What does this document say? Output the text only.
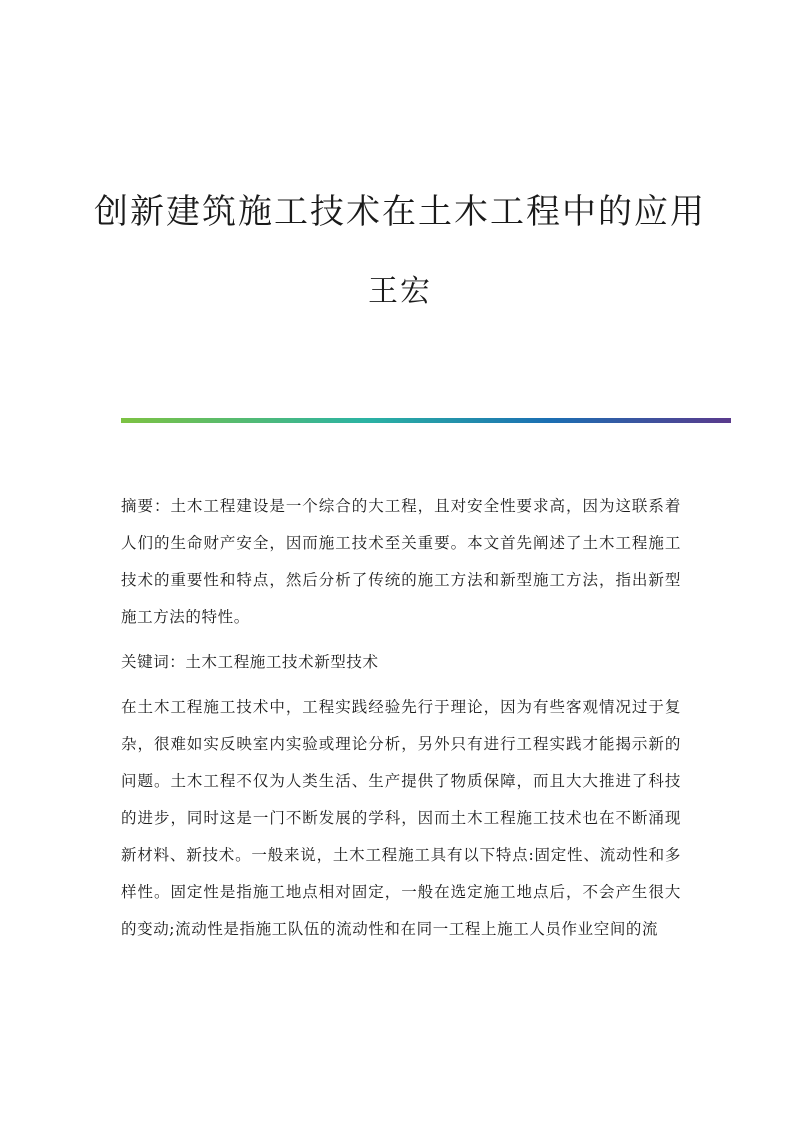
创新建筑施工技术在土木工程中的应用
王宏

摘要：土木工程建设是一个综合的大工程，且对安全性要求高，因为这联系着人们的生命财产安全，因而施工技术至关重要。本文首先阐述了土木工程施工技术的重要性和特点，然后分析了传统的施工方法和新型施工方法，指出新型施工方法的特性。

关键词：土木工程施工技术新型技术

在土木工程施工技术中，工程实践经验先行于理论，因为有些客观情况过于复杂，很难如实反映室内实验或理论分析，另外只有进行工程实践才能揭示新的问题。土木工程不仅为人类生活、生产提供了物质保障，而且大大推进了科技的进步，同时这是一门不断发展的学科，因而土木工程施工技术也在不断涌现新材料、新技术。一般来说，土木工程施工具有以下特点:固定性、流动性和多样性。固定性是指施工地点相对固定，一般在选定施工地点后，不会产生很大的变动;流动性是指施工队伍的流动性和在同一工程上施工人员作业空间的流
